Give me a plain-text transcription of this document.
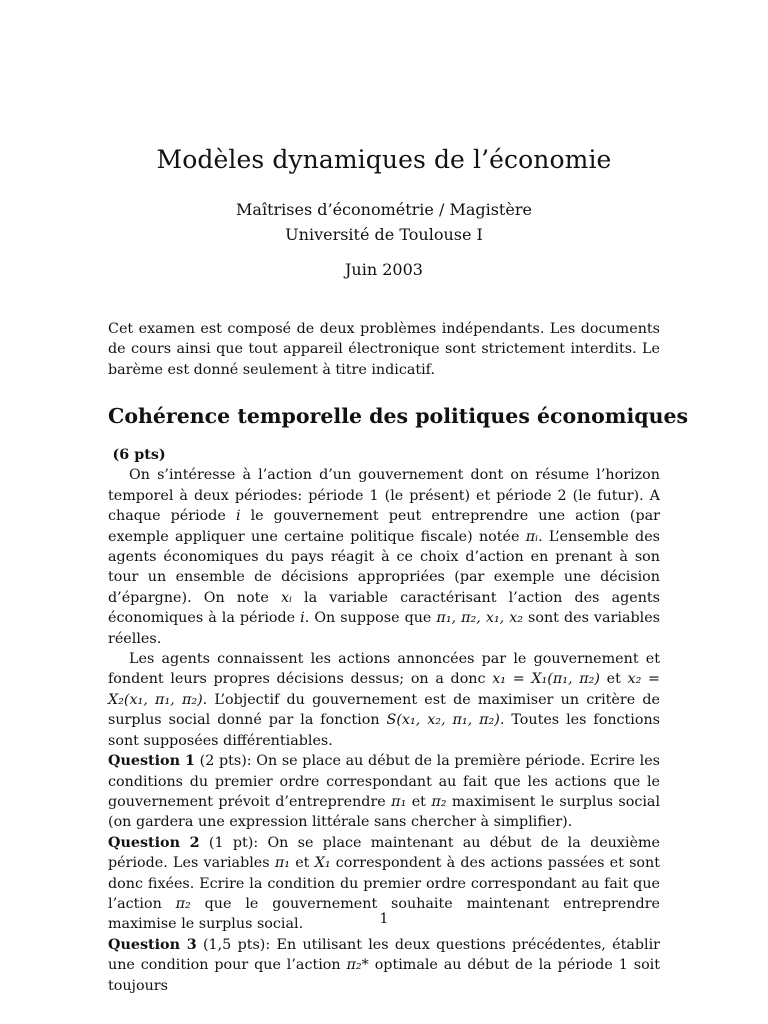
Modèles dynamiques de l’économie
Maîtrises d’économétrie / Magistère
Université de Toulouse I
Juin 2003
Cet examen est composé de deux problèmes indépendants. Les documents de cours ainsi que tout appareil électronique sont strictement interdits. Le barème est donné seulement à titre indicatif.
Cohérence temporelle des politiques économiques

(6 pts)

On s’intéresse à l’action d’un gouvernement dont on résume l’horizon temporel à deux périodes: période 1 (le présent) et période 2 (le futur). A chaque période i le gouvernement peut entreprendre une action (par exemple appliquer une certaine politique fiscale) notée πᵢ. L’ensemble des agents économiques du pays réagit à ce choix d’action en prenant à son tour un ensemble de décisions appropriées (par exemple une décision d’épargne). On note xᵢ la variable caractérisant l’action des agents économiques à la période i. On suppose que π₁, π₂, x₁, x₂ sont des variables réelles.

Les agents connaissent les actions annoncées par le gouvernement et fondent leurs propres décisions dessus; on a donc x₁ = X₁(π₁, π₂) et x₂ = X₂(x₁, π₁, π₂). L’objectif du gouvernement est de maximiser un critère de surplus social donné par la fonction S(x₁, x₂, π₁, π₂). Toutes les fonctions sont supposées différentiables.

Question 1 (2 pts): On se place au début de la première période. Ecrire les conditions du premier ordre correspondant au fait que les actions que le gouvernement prévoit d’entreprendre π₁ et π₂ maximisent le surplus social (on gardera une expression littérale sans chercher à simplifier).

Question 2 (1 pt): On se place maintenant au début de la deuxième période. Les variables π₁ et X₁ correspondent à des actions passées et sont donc fixées. Ecrire la condition du premier ordre correspondant au fait que l’action π₂ que le gouvernement souhaite maintenant entreprendre maximise le surplus social.

Question 3 (1,5 pts): En utilisant les deux questions précédentes, établir une condition pour que l’action π₂* optimale au début de la période 1 soit toujours

1
